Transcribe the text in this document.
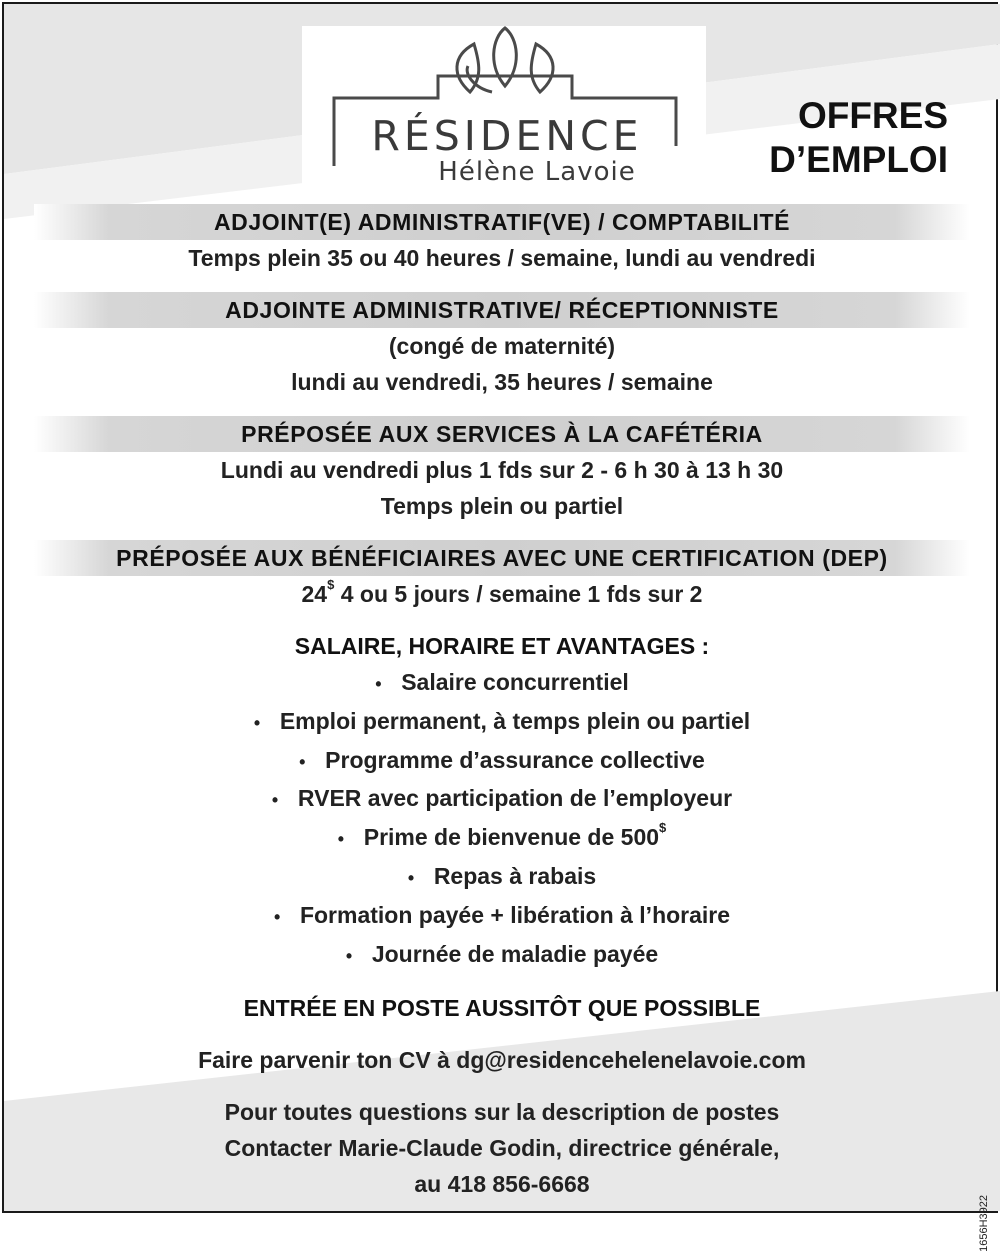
RÉSIDENCE
Hélène Lavoie
OFFRES
D’EMPLOI
ADJOINT(E) ADMINISTRATIF(VE) / COMPTABILITÉ
Temps plein 35 ou 40 heures / semaine, lundi au vendredi
ADJOINTE ADMINISTRATIVE/ RÉCEPTIONNISTE
(congé de maternité)
lundi au vendredi, 35 heures / semaine
PRÉPOSÉE AUX SERVICES À LA CAFÉTÉRIA
Lundi au vendredi plus 1 fds sur 2 - 6 h 30 à 13 h 30
Temps plein ou partiel
PRÉPOSÉE AUX BÉNÉFICIAIRES AVEC UNE CERTIFICATION (DEP)
24$ 4 ou 5 jours / semaine 1 fds sur 2
SALAIRE, HORAIRE ET AVANTAGES :
• Salaire concurrentiel
• Emploi permanent, à temps plein ou partiel
• Programme d’assurance collective
• RVER avec participation de l’employeur
• Prime de bienvenue de 500$
• Repas à rabais
• Formation payée + libération à l’horaire
• Journée de maladie payée
ENTRÉE EN POSTE AUSSITÔT QUE POSSIBLE
Faire parvenir ton CV à dg@residencehelenelavoie.com
Pour toutes questions sur la description de postes
Contacter Marie-Claude Godin, directrice générale,
au 418 856-6668
1656H3922
